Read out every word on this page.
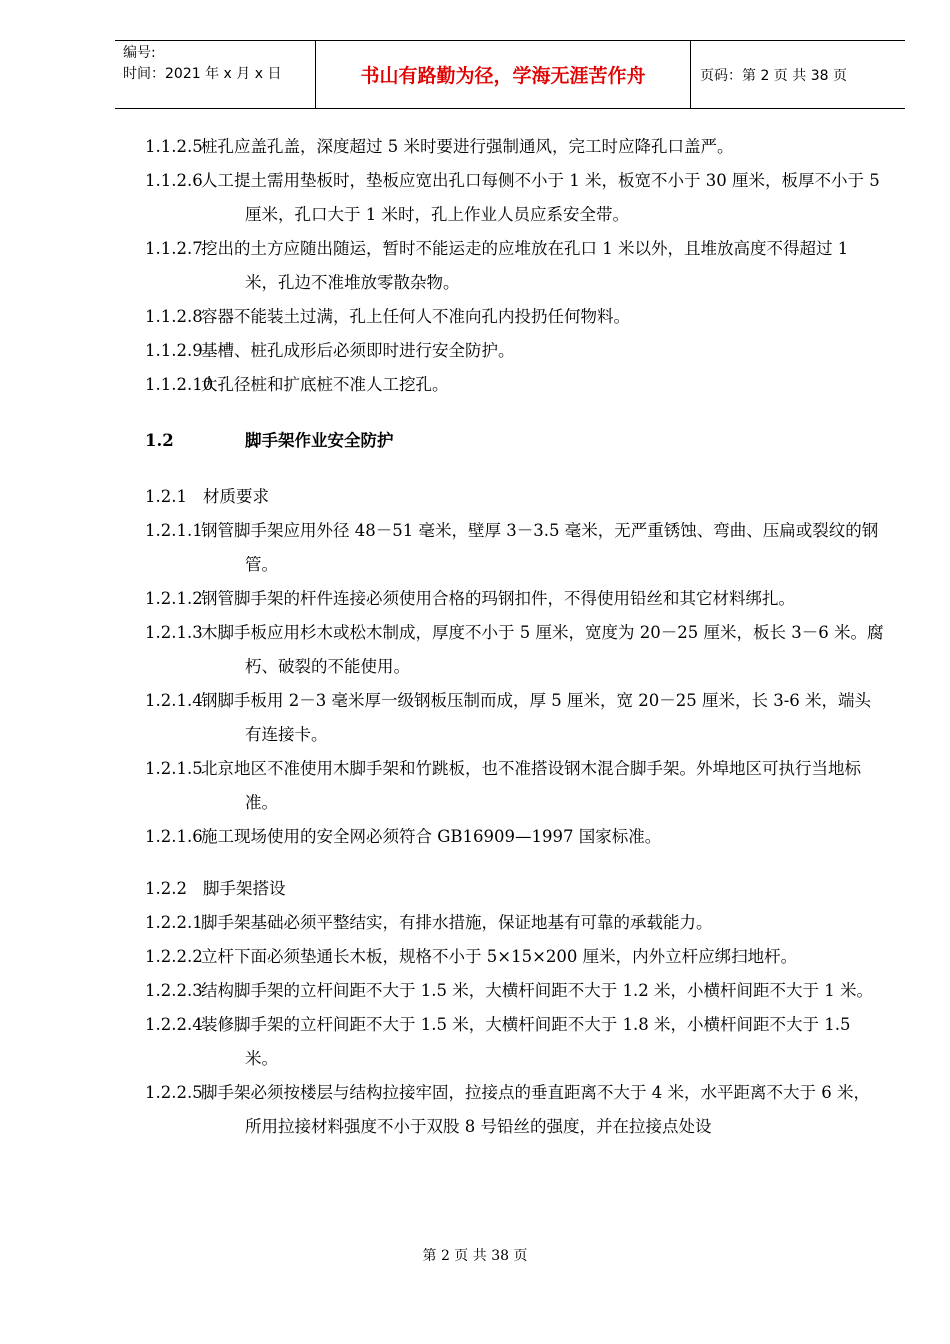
编号:
时间：2021 年 x 月 x 日	书山有路勤为径，学海无涯苦作舟	页码：第 2 页 共 38 页
1.1.2.5
桩孔应盖孔盖，深度超过 5 米时要进行强制通风，完工时应降孔口盖严。
1.1.2.6
人工提土需用垫板时，垫板应宽出孔口每侧不小于 1 米，板宽不小于 30 厘米，板厚不小于 5 厘米，孔口大于 1 米时，孔上作业人员应系安全带。
1.1.2.7
挖出的土方应随出随运，暂时不能运走的应堆放在孔口 1 米以外，且堆放高度不得超过 1 米，孔边不准堆放零散杂物。
1.1.2.8
容器不能装土过满，孔上任何人不准向孔内投扔任何物料。
1.1.2.9
基槽、桩孔成形后必须即时进行安全防护。
1.1.2.10
大孔径桩和扩底桩不准人工挖孔。
1.2	脚手架作业安全防护
1.2.1 材质要求
1.2.1.1
钢管脚手架应用外径 48－51 毫米，壁厚 3－3.5 毫米，无严重锈蚀、弯曲、压扁或裂纹的钢管。
1.2.1.2
钢管脚手架的杆件连接必须使用合格的玛钢扣件，不得使用铅丝和其它材料绑扎。
1.2.1.3
木脚手板应用杉木或松木制成，厚度不小于 5 厘米，宽度为 20－25 厘米，板长 3－6 米。腐朽、破裂的不能使用。
1.2.1.4
钢脚手板用 2－3 毫米厚一级钢板压制而成，厚 5 厘米，宽 20－25 厘米，长 3-6 米，端头有连接卡。
1.2.1.5
北京地区不准使用木脚手架和竹跳板，也不准搭设钢木混合脚手架。外埠地区可执行当地标准。
1.2.1.6
施工现场使用的安全网必须符合 GB16909—1997 国家标准。
1.2.2 脚手架搭设
1.2.2.1
脚手架基础必须平整结实，有排水措施，保证地基有可靠的承载能力。
1.2.2.2
立杆下面必须垫通长木板，规格不小于 5×15×200 厘米，内外立杆应绑扫地杆。
1.2.2.3
结构脚手架的立杆间距不大于 1.5 米，大横杆间距不大于 1.2 米，小横杆间距不大于 1 米。
1.2.2.4
装修脚手架的立杆间距不大于 1.5 米，大横杆间距不大于 1.8 米，小横杆间距不大于 1.5 米。
1.2.2.5
脚手架必须按楼层与结构拉接牢固，拉接点的垂直距离不大于 4 米，水平距离不大于 6 米，所用拉接材料强度不小于双股 8 号铅丝的强度，并在拉接点处设
第 2 页 共 38 页
